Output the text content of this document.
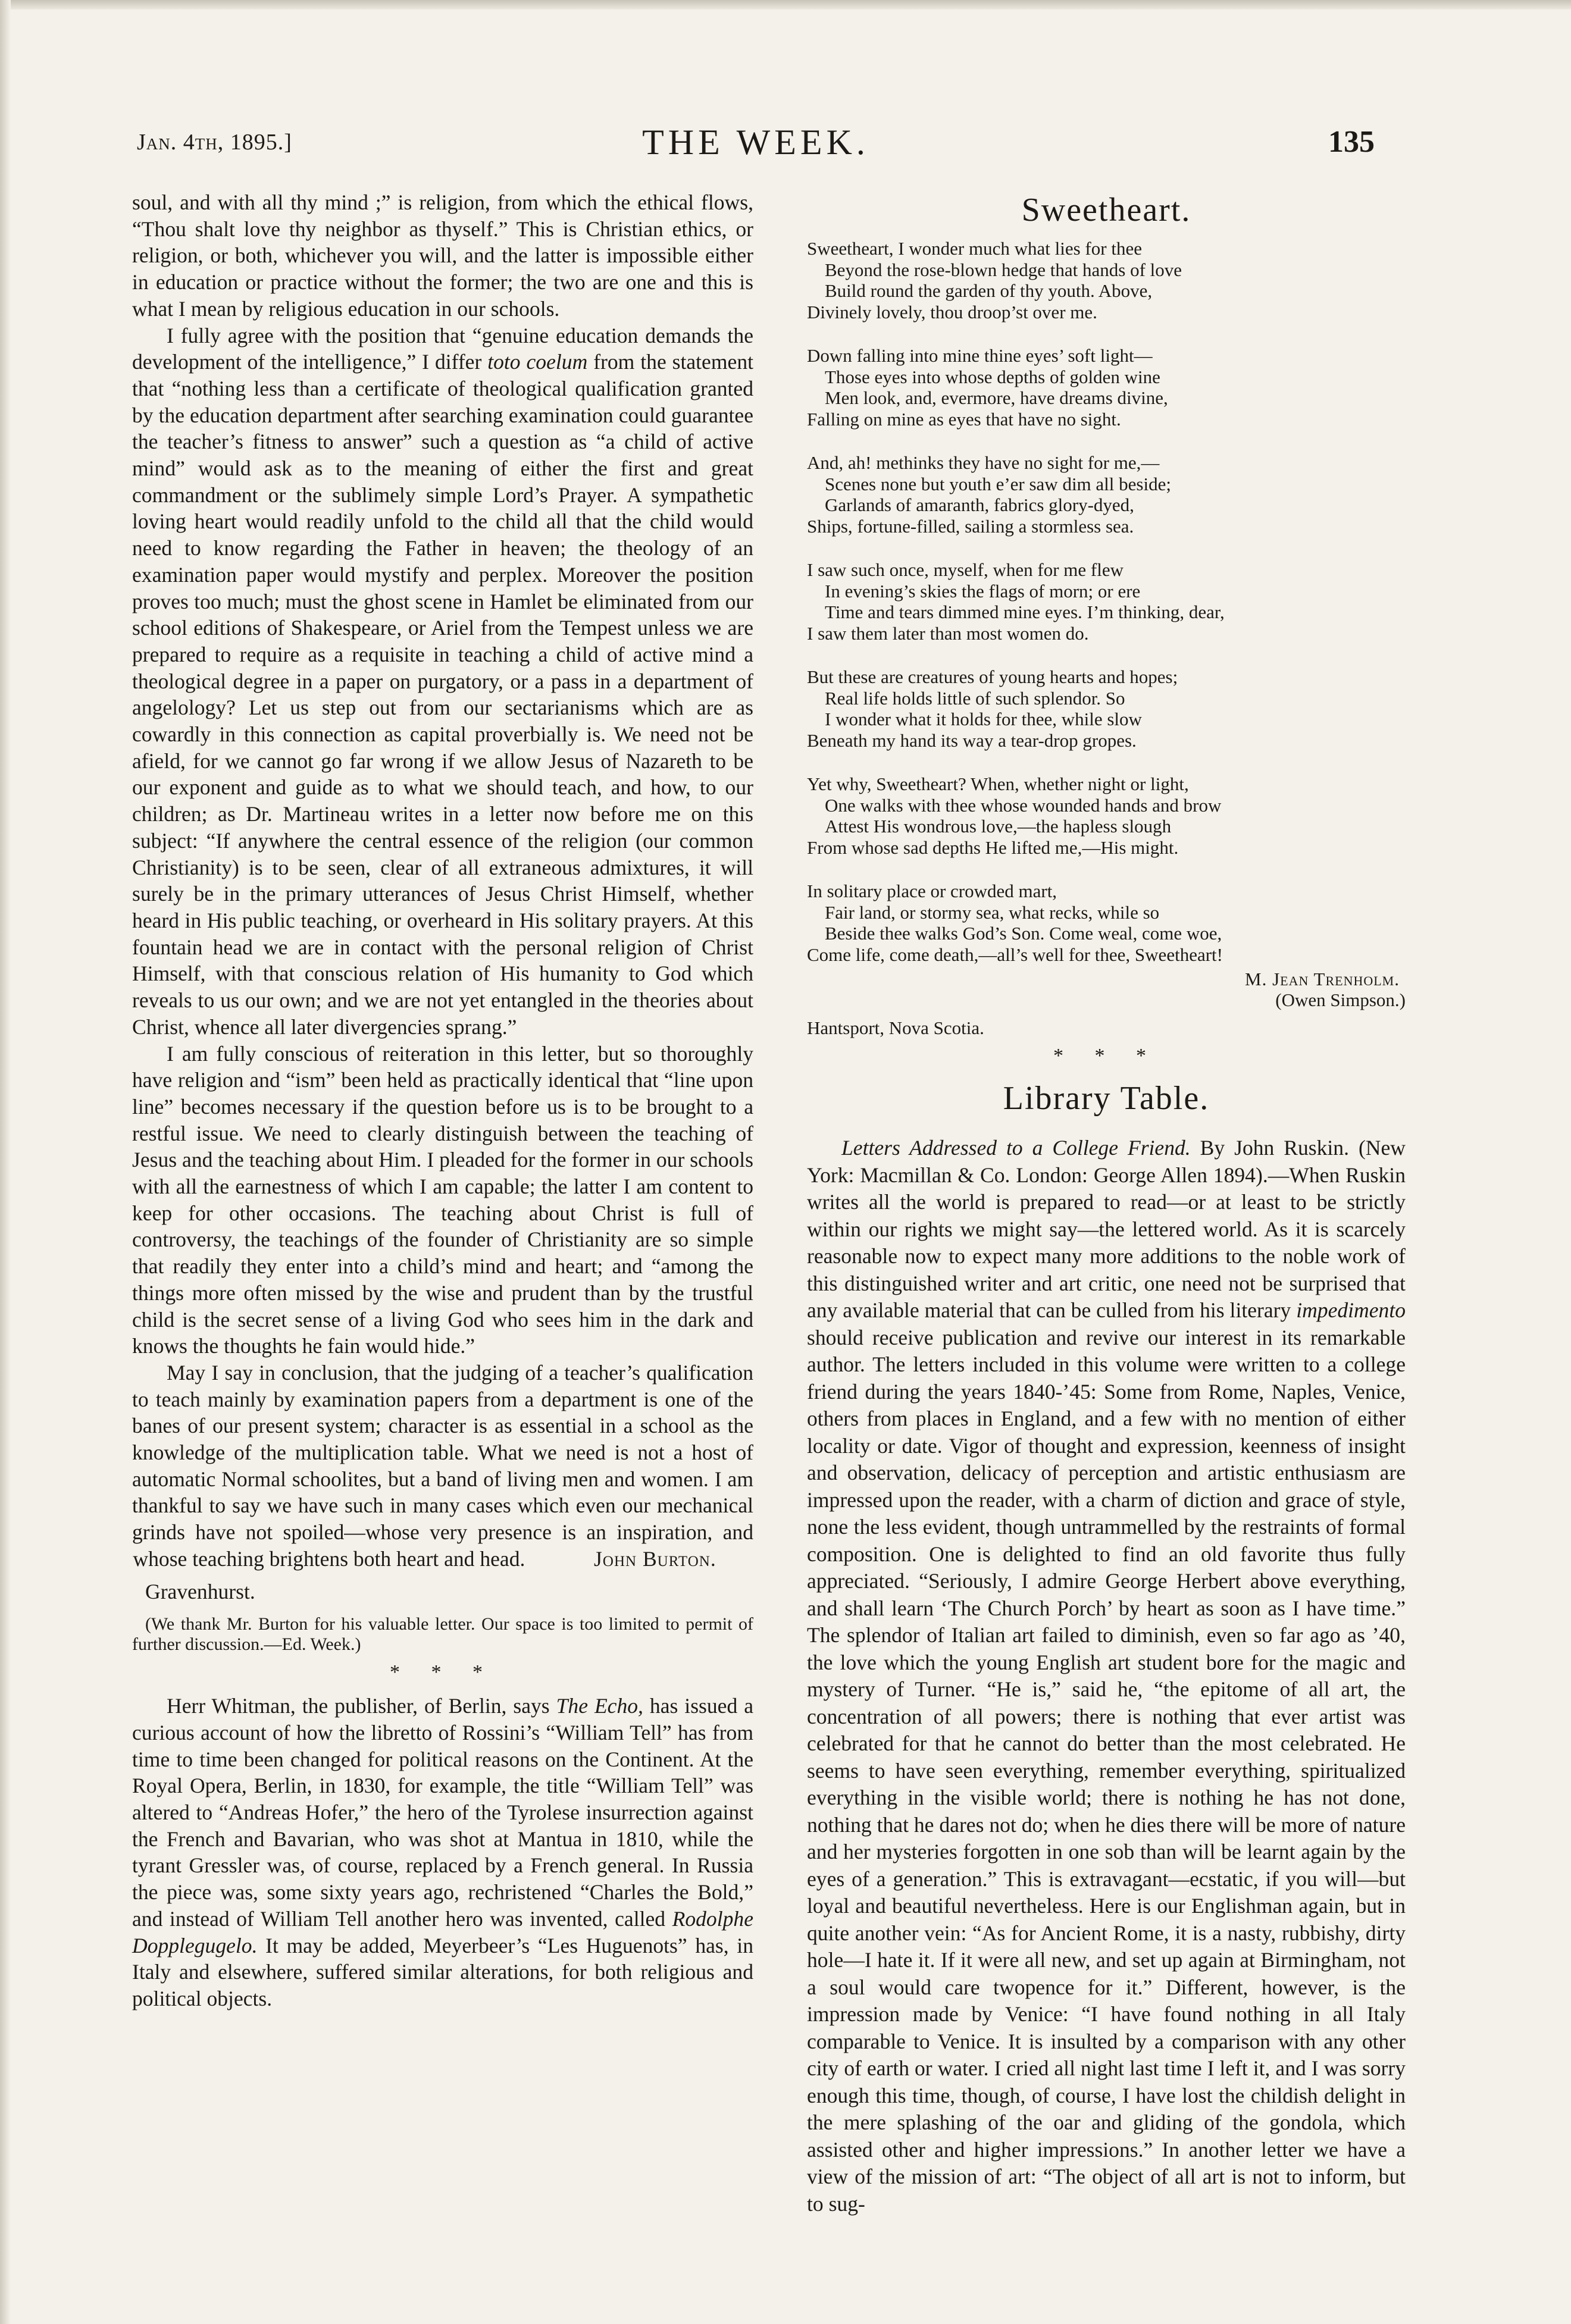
Jan. 4th, 1895.]	THE WEEK.	135

soul, and with all thy mind ;” is religion, from which the ethical flows, “Thou shalt love thy neighbor as thyself.” This is Christian ethics, or religion, or both, whichever you will, and the latter is impossible either in education or practice without the former; the two are one and this is what I mean by religious education in our schools.

I fully agree with the position that “genuine education demands the development of the intelligence,” I differ toto coelum from the statement that “nothing less than a certificate of theological qualification granted by the education department after searching examination could guarantee the teacher’s fitness to answer” such a question as “a child of active mind” would ask as to the meaning of either the first and great commandment or the sublimely simple Lord’s Prayer. A sympathetic loving heart would readily unfold to the child all that the child would need to know regarding the Father in heaven; the theology of an examination paper would mystify and perplex. Moreover the position proves too much; must the ghost scene in Hamlet be eliminated from our school editions of Shakespeare, or Ariel from the Tempest unless we are prepared to require as a requisite in teaching a child of active mind a theological degree in a paper on purgatory, or a pass in a department of angelology? Let us step out from our sectarianisms which are as cowardly in this connection as capital proverbially is. We need not be afield, for we cannot go far wrong if we allow Jesus of Nazareth to be our exponent and guide as to what we should teach, and how, to our children; as Dr. Martineau writes in a letter now before me on this subject: “If anywhere the central essence of the religion (our common Christianity) is to be seen, clear of all extraneous admixtures, it will surely be in the primary utterances of Jesus Christ Himself, whether heard in His public teaching, or overheard in His solitary prayers. At this fountain head we are in contact with the personal religion of Christ Himself, with that conscious relation of His humanity to God which reveals to us our own; and we are not yet entangled in the theories about Christ, whence all later divergencies sprang.”

I am fully conscious of reiteration in this letter, but so thoroughly have religion and “ism” been held as practically identical that “line upon line” becomes necessary if the question before us is to be brought to a restful issue. We need to clearly distinguish between the teaching of Jesus and the teaching about Him. I pleaded for the former in our schools with all the earnestness of which I am capable; the latter I am content to keep for other occasions. The teaching about Christ is full of controversy, the teachings of the founder of Christianity are so simple that readily they enter into a child’s mind and heart; and “among the things more often missed by the wise and prudent than by the trustful child is the secret sense of a living God who sees him in the dark and knows the thoughts he fain would hide.”

May I say in conclusion, that the judging of a teacher’s qualification to teach mainly by examination papers from a department is one of the banes of our present system; character is as essential in a school as the knowledge of the multiplication table. What we need is not a host of automatic Normal schoolites, but a band of living men and women. I am thankful to say we have such in many cases which even our mechanical grinds have not spoiled—whose very presence is an inspiration, and whose teaching brightens both heart and head.	John Burton.

Gravenhurst.
(We thank Mr. Burton for his valuable letter. Our space is too limited to permit of further discussion.—Ed. Week.)
* * *

Herr Whitman, the publisher, of Berlin, says The Echo, has issued a curious account of how the libretto of Rossini’s “William Tell” has from time to time been changed for political reasons on the Continent. At the Royal Opera, Berlin, in 1830, for example, the title “William Tell” was altered to “Andreas Hofer,” the hero of the Tyrolese insurrection against the French and Bavarian, who was shot at Mantua in 1810, while the tyrant Gressler was, of course, replaced by a French general. In Russia the piece was, some sixty years ago, rechristened “Charles the Bold,” and instead of William Tell another hero was invented, called Rodolphe Dopplegugelo. It may be added, Meyerbeer’s “Les Huguenots” has, in Italy and elsewhere, suffered similar alterations, for both religious and political objects.

Sweetheart.
Sweetheart, I wonder much what lies for thee
Beyond the rose-blown hedge that hands of love
Build round the garden of thy youth. Above,
Divinely lovely, thou droop’st over me.
Down falling into mine thine eyes’ soft light—
Those eyes into whose depths of golden wine
Men look, and, evermore, have dreams divine,
Falling on mine as eyes that have no sight.
And, ah! methinks they have no sight for me,—
Scenes none but youth e’er saw dim all beside;
Garlands of amaranth, fabrics glory-dyed,
Ships, fortune-filled, sailing a stormless sea.
I saw such once, myself, when for me flew
In evening’s skies the flags of morn; or ere
Time and tears dimmed mine eyes. I’m thinking, dear,
I saw them later than most women do.
But these are creatures of young hearts and hopes;
Real life holds little of such splendor. So
I wonder what it holds for thee, while slow
Beneath my hand its way a tear-drop gropes.
Yet why, Sweetheart? When, whether night or light,
One walks with thee whose wounded hands and brow
Attest His wondrous love,—the hapless slough
From whose sad depths He lifted me,—His might.
In solitary place or crowded mart,
Fair land, or stormy sea, what recks, while so
Beside thee walks God’s Son. Come weal, come woe,
Come life, come death,—all’s well for thee, Sweetheart!
M. Jean Trenholm.
(Owen Simpson.)
Hantsport, Nova Scotia.
* * *
Library Table.

Letters Addressed to a College Friend. By John Ruskin. (New York: Macmillan & Co. London: George Allen 1894).—When Ruskin writes all the world is prepared to read—or at least to be strictly within our rights we might say—the lettered world. As it is scarcely reasonable now to expect many more additions to the noble work of this distinguished writer and art critic, one need not be surprised that any available material that can be culled from his literary impedimento should receive publication and revive our interest in its remarkable author. The letters included in this volume were written to a college friend during the years 1840-’45: Some from Rome, Naples, Venice, others from places in England, and a few with no mention of either locality or date. Vigor of thought and expression, keenness of insight and observation, delicacy of perception and artistic enthusiasm are impressed upon the reader, with a charm of diction and grace of style, none the less evident, though untrammelled by the restraints of formal composition. One is delighted to find an old favorite thus fully appreciated. “Seriously, I admire George Herbert above everything, and shall learn ‘The Church Porch’ by heart as soon as I have time.” The splendor of Italian art failed to diminish, even so far ago as ’40, the love which the young English art student bore for the magic and mystery of Turner. “He is,” said he, “the epitome of all art, the concentration of all powers; there is nothing that ever artist was celebrated for that he cannot do better than the most celebrated. He seems to have seen everything, remember everything, spiritualized everything in the visible world; there is nothing he has not done, nothing that he dares not do; when he dies there will be more of nature and her mysteries forgotten in one sob than will be learnt again by the eyes of a generation.” This is extravagant—ecstatic, if you will—but loyal and beautiful nevertheless. Here is our Englishman again, but in quite another vein: “As for Ancient Rome, it is a nasty, rubbishy, dirty hole—I hate it. If it were all new, and set up again at Birmingham, not a soul would care twopence for it.” Different, however, is the impression made by Venice: “I have found nothing in all Italy comparable to Venice. It is insulted by a comparison with any other city of earth or water. I cried all night last time I left it, and I was sorry enough this time, though, of course, I have lost the childish delight in the mere splashing of the oar and gliding of the gondola, which assisted other and higher impressions.” In another letter we have a view of the mission of art: “The object of all art is not to inform, but to sug-
